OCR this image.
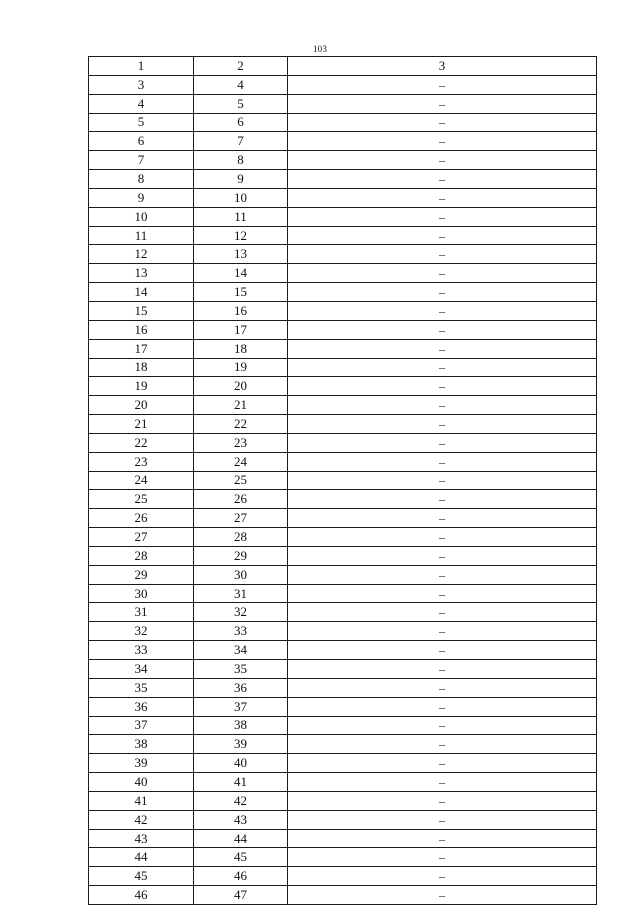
103
1	2	3
3	4	–
4	5	–
5	6	–
6	7	–
7	8	–
8	9	–
9	10	–
10	11	–
11	12	–
12	13	–
13	14	–
14	15	–
15	16	–
16	17	–
17	18	–
18	19	–
19	20	–
20	21	–
21	22	–
22	23	–
23	24	–
24	25	–
25	26	–
26	27	–
27	28	–
28	29	–
29	30	–
30	31	–
31	32	–
32	33	–
33	34	–
34	35	–
35	36	–
36	37	–
37	38	–
38	39	–
39	40	–
40	41	–
41	42	–
42	43	–
43	44	–
44	45	–
45	46	–
46	47	–
